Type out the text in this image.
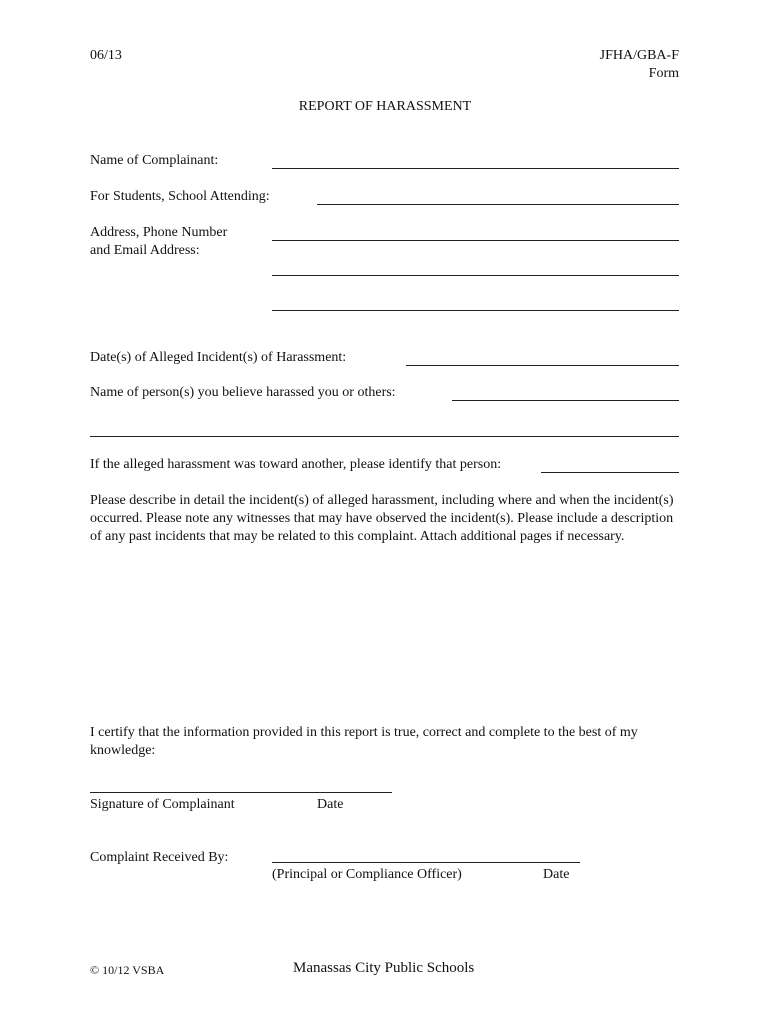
06/13	JFHA/GBA-F
Form
REPORT OF HARASSMENT
Name of Complainant:
For Students, School Attending:
Address, Phone Number
and Email Address:
Date(s) of Alleged Incident(s) of Harassment:
Name of person(s) you believe harassed you or others:
If the alleged harassment was toward another, please identify that person:
Please describe in detail the incident(s) of alleged harassment, including where and when the incident(s) occurred. Please note any witnesses that may have observed the incident(s). Please include a description of any past incidents that may be related to this complaint. Attach additional pages if necessary.
I certify that the information provided in this report is true, correct and complete to the best of my knowledge:
Signature of Complainant	Date
Complaint Received By:
(Principal or Compliance Officer)	Date
© 10/12 VSBA	Manassas City Public Schools
